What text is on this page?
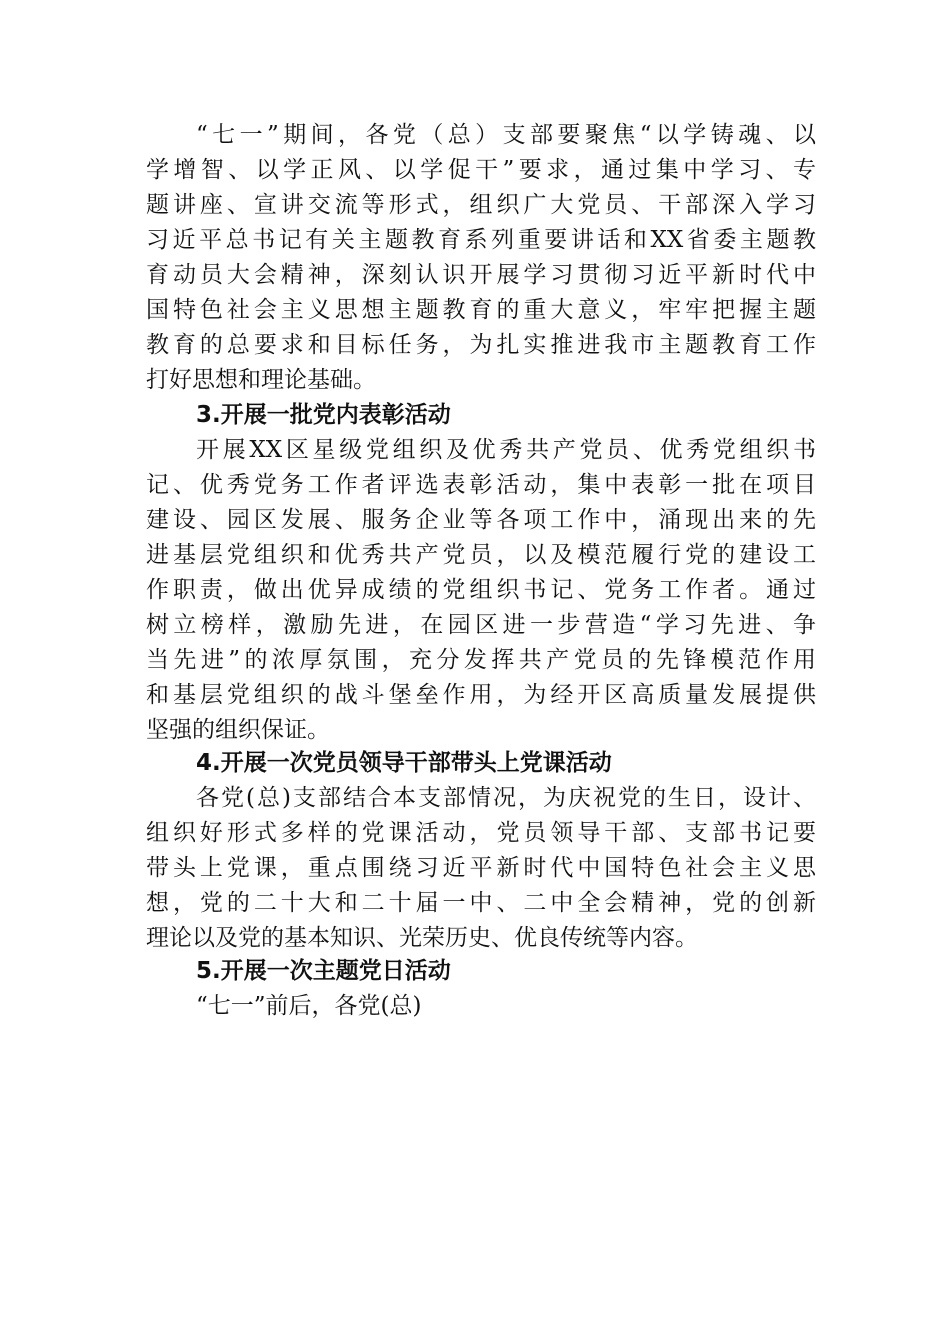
“七一”期间，各党（总）支部要聚焦“以学铸魂、以
学增智、以学正风、以学促干”要求，通过集中学习、专
题讲座、宣讲交流等形式，组织广大党员、干部深入学习
习近平总书记有关主题教育系列重要讲话和XX省委主题教
育动员大会精神，深刻认识开展学习贯彻习近平新时代中
国特色社会主义思想主题教育的重大意义，牢牢把握主题
教育的总要求和目标任务，为扎实推进我市主题教育工作
打好思想和理论基础。
3.开展一批党内表彰活动
开展XX区星级党组织及优秀共产党员、优秀党组织书
记、优秀党务工作者评选表彰活动，集中表彰一批在项目
建设、园区发展、服务企业等各项工作中，涌现出来的先
进基层党组织和优秀共产党员，以及模范履行党的建设工
作职责，做出优异成绩的党组织书记、党务工作者。通过
树立榜样，激励先进，在园区进一步营造“学习先进、争
当先进”的浓厚氛围，充分发挥共产党员的先锋模范作用
和基层党组织的战斗堡垒作用，为经开区高质量发展提供
坚强的组织保证。
4.开展一次党员领导干部带头上党课活动
各党(总)支部结合本支部情况，为庆祝党的生日，设计、
组织好形式多样的党课活动，党员领导干部、支部书记要
带头上党课，重点围绕习近平新时代中国特色社会主义思
想，党的二十大和二十届一中、二中全会精神，党的创新
理论以及党的基本知识、光荣历史、优良传统等内容。
5.开展一次主题党日活动
“七一”前后，各党(总)
